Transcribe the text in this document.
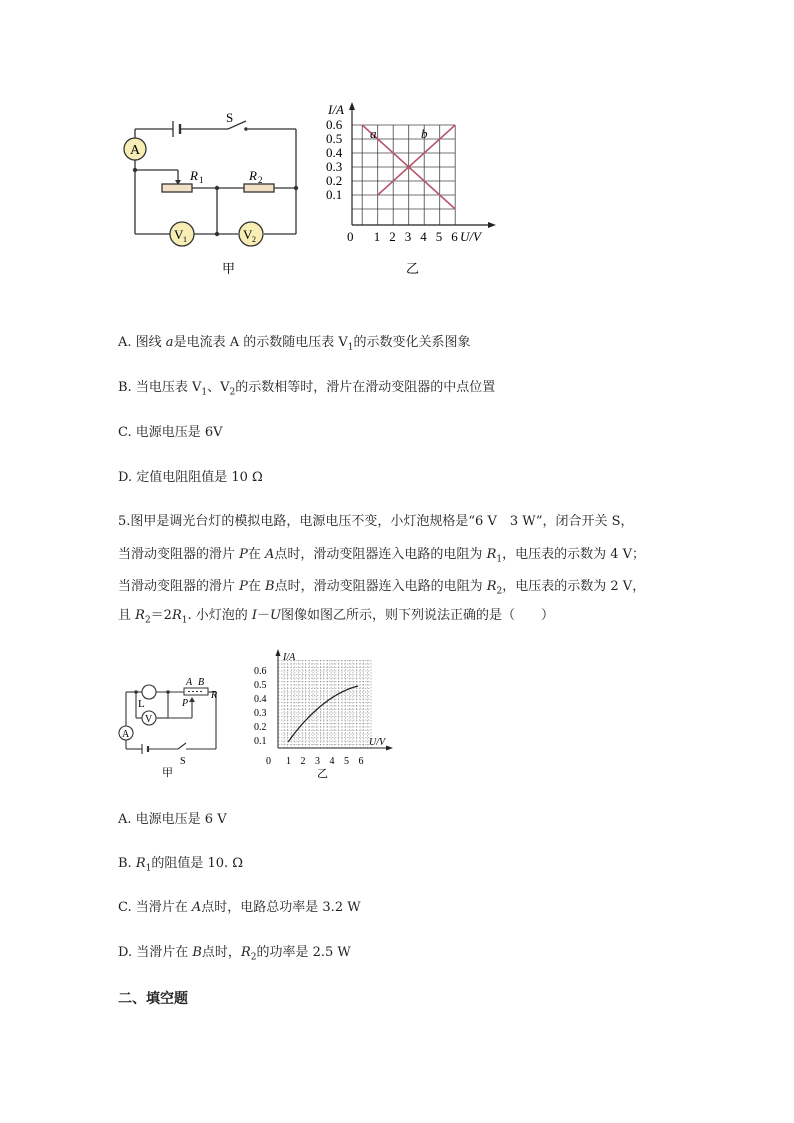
A
S
R 1	R 2
V 1	V 2
甲
0.6
0.5
0.4
0.3
0.2
0.1
0 1 2 3 4 5 6
I/A
U/V
a	b
乙
A. 图线 a是电流表 A 的示数随电压表 $V_1$的示数变化关系图象
B. 当电压表 $V_1$、$V_2$的示数相等时，滑片在滑动变阻器的中点位置
C. 电源电压是 6V
D. 定值电阻阻值是 10 Ω
5.图甲是调光台灯的模拟电路，电源电压不变，小灯泡规格是“6 V　3 W”，闭合开关 S，
当滑动变阻器的滑片 P在 A点时，滑动变阻器连入电路的电阻为 $R_1$，电压表的示数为 4 V；
当滑动变阻器的滑片 P在 B点时，滑动变阻器连入电路的电阻为 $R_2$，电压表的示数为 2 V，
且 $R_2=2R_1$. 小灯泡的 I－U图像如图乙所示，则下列说法正确的是（　　）
L
V
A
A B
R
P
S
甲
0.6
0.5
0.4
0.3
0.2
0.1
0 1 2 3 4 5 6
I/A
U/V
乙
A. 电源电压是 6 V
B. $R_1$的阻值是 10. Ω
C. 当滑片在 A点时，电路总功率是 3.2 W
D. 当滑片在 B点时，$R_2$的功率是 2.5 W
二、填空题
